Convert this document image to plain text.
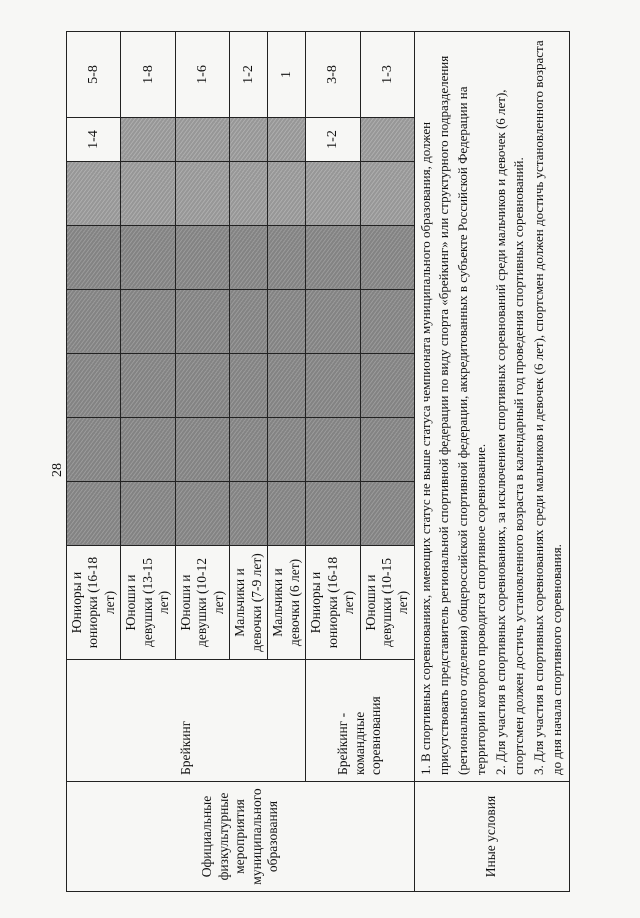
28
Официальные физкультурные мероприятия муниципального образования	Брейкинг	Юниоры и юниорки (16-18 лет)							1-4	5-8
		Юноши и девушки (13-15 лет)								1-8
		Юноши и девушки (10-12 лет)								1-6
		Мальчики и девочки (7-9 лет)								1-2
		Мальчики и девочки (6 лет)								1
	Брейкинг - командные соревнования	Юниоры и юниорки (16-18 лет)							1-2	3-8
		Юноши и девушки (10-15 лет)								1-3
Иные условия	1. В спортивных соревнованиях, имеющих статус не выше статуса чемпионата муниципального образования, должен присутствовать представитель региональной спортивной федерации по виду спорта «брейкинг» или структурного подразделения (регионального отделения) общероссийской спортивной федерации, аккредитованных в субъекте Российской Федерации на территории которого проводится спортивное соревнование. 2. Для участия в спортивных соревнованиях, за исключением спортивных соревнований среди мальчиков и девочек (6 лет), спортсмен должен достичь установленного возраста в календарный год проведения спортивных соревнований. 3. Для участия в спортивных соревнованиях среди мальчиков и девочек (6 лет), спортсмен должен достичь установленного возраста до дня начала спортивного соревнования.									
